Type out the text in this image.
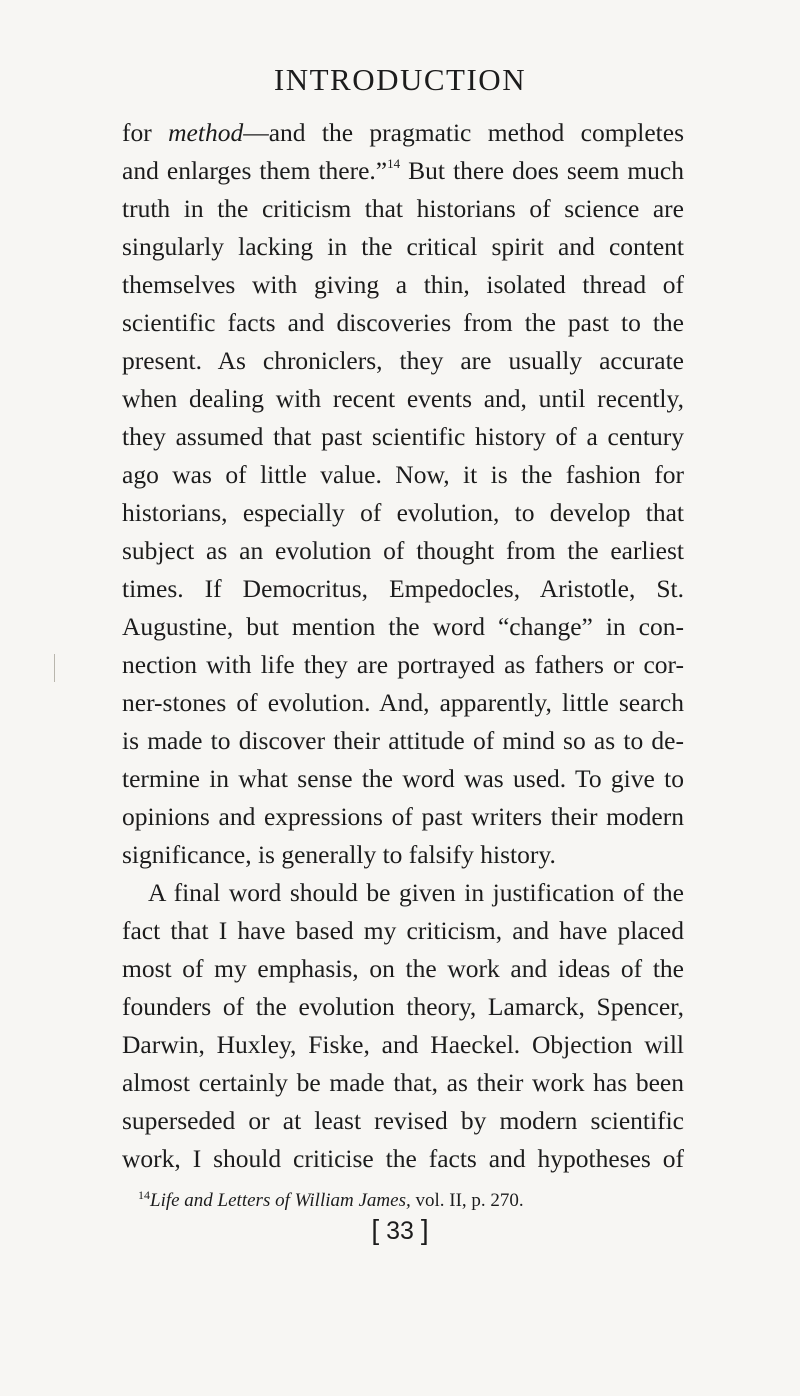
INTRODUCTION
for method—and the pragmatic method completes
and enlarges them there.”$^{14}$ But there does seem much
truth in the criticism that historians of science are
singularly lacking in the critical spirit and content
themselves with giving a thin, isolated thread of
scientific facts and discoveries from the past to the
present. As chroniclers, they are usually accurate
when dealing with recent events and, until recently,
they assumed that past scientific history of a century
ago was of little value. Now, it is the fashion for
historians, especially of evolution, to develop that
subject as an evolution of thought from the earliest
times. If Democritus, Empedocles, Aristotle, St.
Augustine, but mention the word “change” in con-
nection with life they are portrayed as fathers or cor-
ner-stones of evolution. And, apparently, little search
is made to discover their attitude of mind so as to de-
termine in what sense the word was used. To give to
opinions and expressions of past writers their modern
significance, is generally to falsify history.
A final word should be given in justification of the
fact that I have based my criticism, and have placed
most of my emphasis, on the work and ideas of the
founders of the evolution theory, Lamarck, Spencer,
Darwin, Huxley, Fiske, and Haeckel. Objection will
almost certainly be made that, as their work has been
superseded or at least revised by modern scientific
work, I should criticise the facts and hypotheses of
$^{14}$Life and Letters of William James, vol. II, p. 270.
[ 33 ]
